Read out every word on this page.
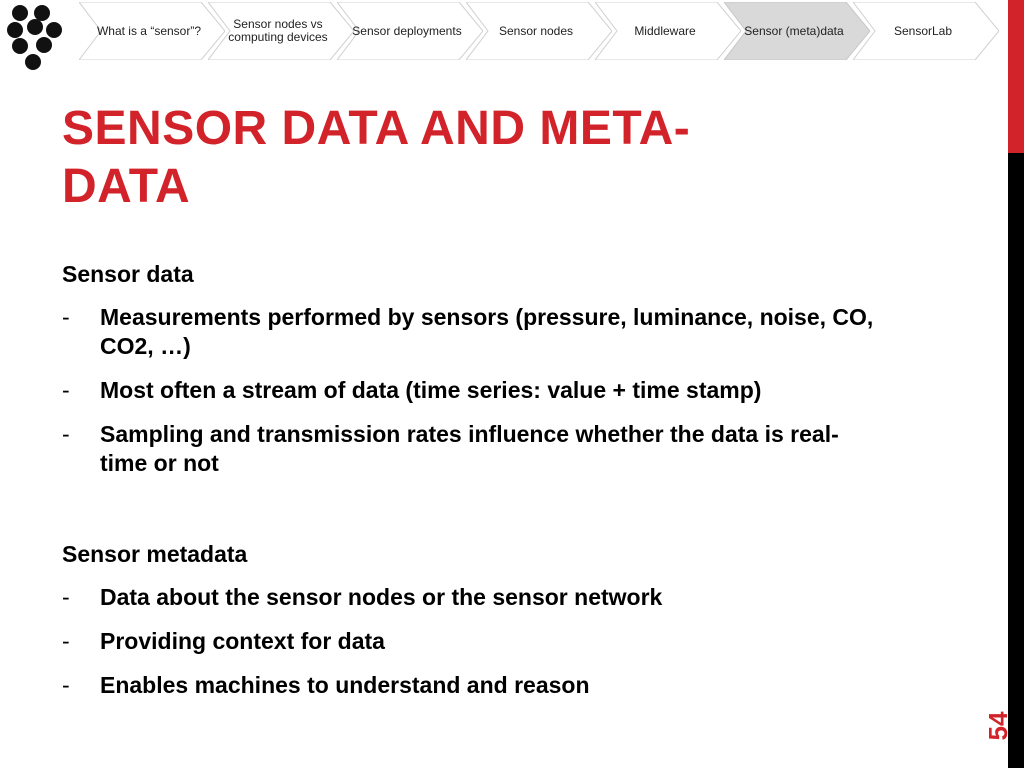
What is a “sensor”?	Sensor nodes vs computing devices	Sensor deployments	Sensor nodes	Middleware	Sensor (meta)data	SensorLab
SENSOR DATA AND META-DATA
Sensor data
- Measurements performed by sensors (pressure, luminance, noise, CO, CO2, …)
- Most often a stream of data (time series: value + time stamp)
- Sampling and transmission rates influence whether the data is real-time or not
Sensor metadata
- Data about the sensor nodes or the sensor network
- Providing context for data
- Enables machines to understand and reason
54
